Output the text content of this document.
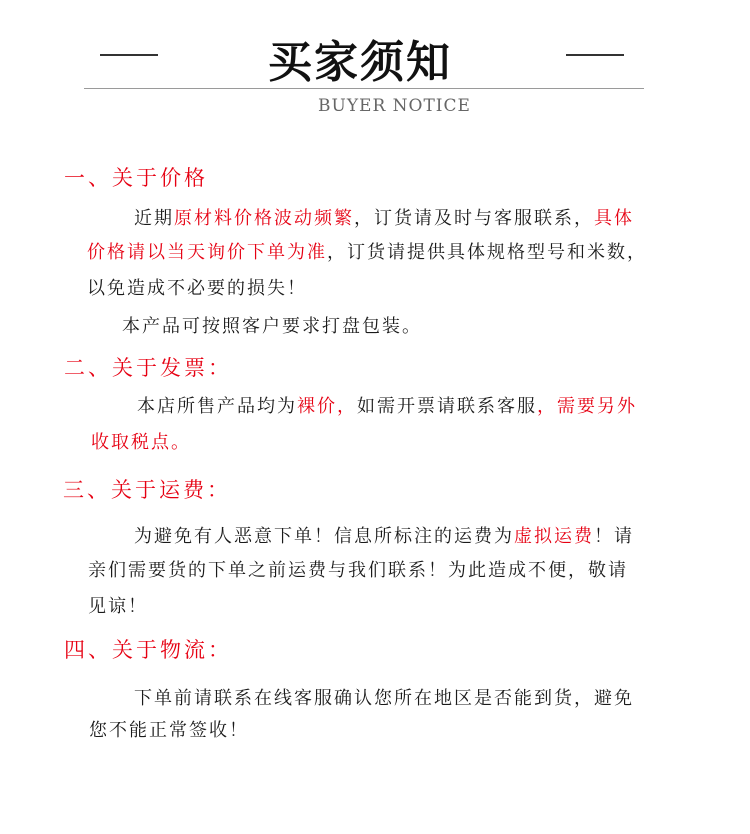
买家须知
BUYER NOTICE
一、关于价格
近期原材料价格波动频繁，订货请及时与客服联系，具体
价格请以当天询价下单为准，订货请提供具体规格型号和米数，
以免造成不必要的损失！
本产品可按照客户要求打盘包装。
二、关于发票：
本店所售产品均为裸价，如需开票请联系客服，需要另外
收取税点。
三、关于运费：
为避免有人恶意下单！信息所标注的运费为虚拟运费！请
亲们需要货的下单之前运费与我们联系！为此造成不便，敬请
见谅！
四、关于物流：
下单前请联系在线客服确认您所在地区是否能到货，避免
您不能正常签收！
